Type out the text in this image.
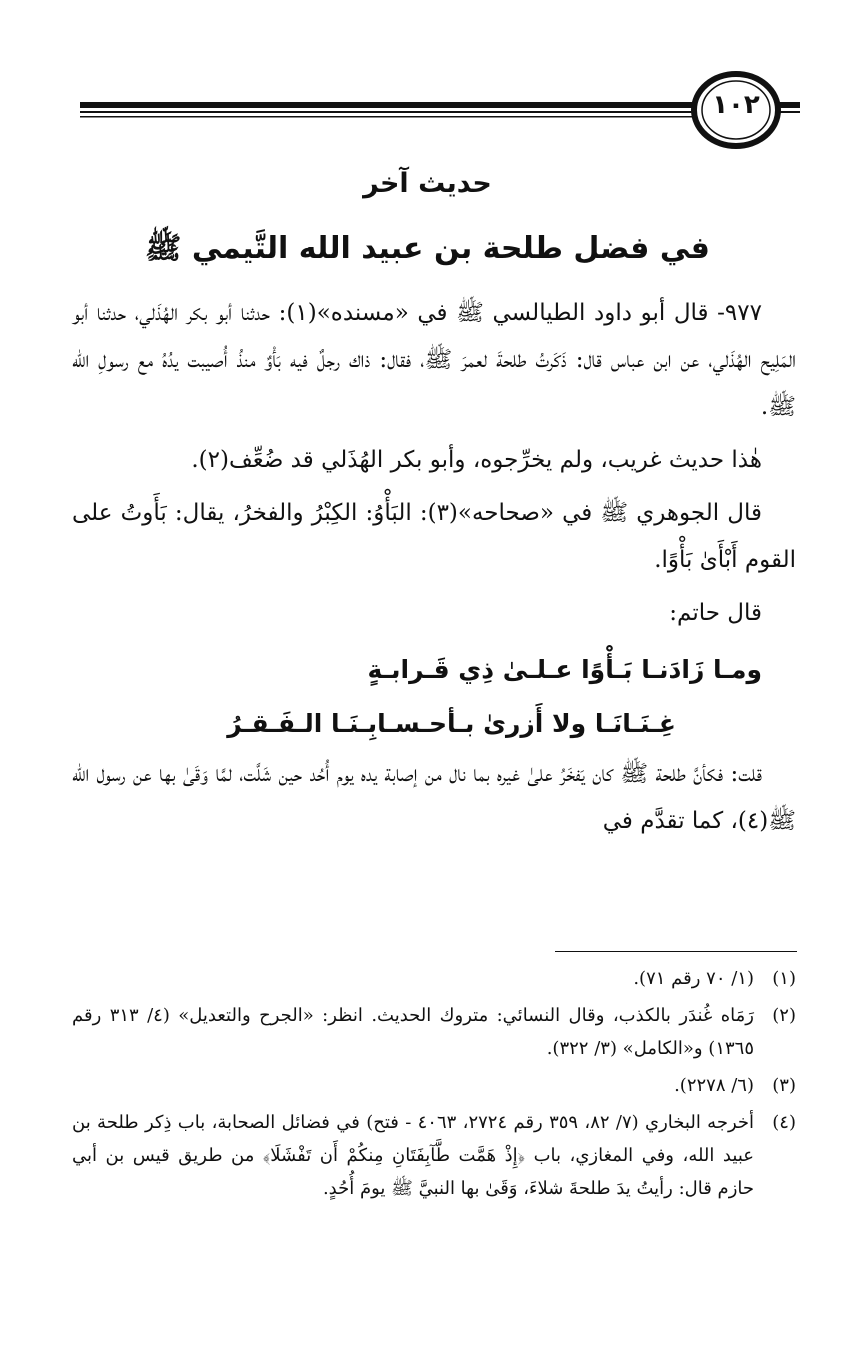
١٠٢
حديث آخر
في فضل طلحة بن عبيد الله التَّيمي ﷺ

٩٧٧- قال أبو داود الطيالسي ﷺ في «مسنده»(١): حدثنا أبو بكر الهُذَلي، حدثنا أبو المَلِيح الهُذَلي، عن ابن عباس قال: ذَكَرتُ طلحةَ لعمرَ ﷺ، فقال: ذاك رجلٌ فيه بَأْوٌ منذُ أُصيبت يدُهُ مع رسولِ الله ﷺ.

هٰذا حديث غريب، ولم يخرِّجوه، وأبو بكر الهُذَلي قد ضُعِّف(٢).

قال الجوهري ﷺ في «صحاحه»(٣): البَأْوُ: الكِبْرُ والفخرُ، يقال: بَأَوتُ على القوم أَبْأَىٰ بَأْوًا.

قال حاتم:

ومـا زَادَنـا بَـأْوًا عـلـىٰ ذِي قَـرابـةٍ

غِـنَـانَـا ولا أَزرىٰ بـأحـسـابِـنَـا الـفَـقـرُ

قلت: فكأنَّ طلحة ﷺ كان يَفخَرُ علىٰ غيره بما نال من إصابة يده يوم أُحُد حين شَلَّت، لمَّا وَقَىٰ بها عن رسول الله ﷺ(٤)، كما تقدَّم في

(١)
(١/ ٧٠ رقم ٧١).
(٢)
رَمَاه غُندَر بالكذب، وقال النسائي: متروك الحديث. انظر: «الجرح والتعديل» (٤/ ٣١٣ رقم ١٣٦٥) و«الكامل» (٣/ ٣٢٢).
(٣)
(٦/ ٢٢٧٨).
(٤)
أخرجه البخاري (٧/ ٨٢، ٣٥٩ رقم ٢٧٢٤، ٤٠٦٣ - فتح) في فضائل الصحابة، باب ذِكر طلحة بن عبيد الله، وفي المغازي، باب ﴿إِذْ هَمَّت طَّآبِفَتَانِ مِنكُمْ أَن تَفْشَلَا﴾ من طريق قيس بن أبي حازم قال: رأيتُ يدَ طلحةَ شلاءَ، وَقَىٰ بها النبيَّ ﷺ يومَ أُحُدٍ.
